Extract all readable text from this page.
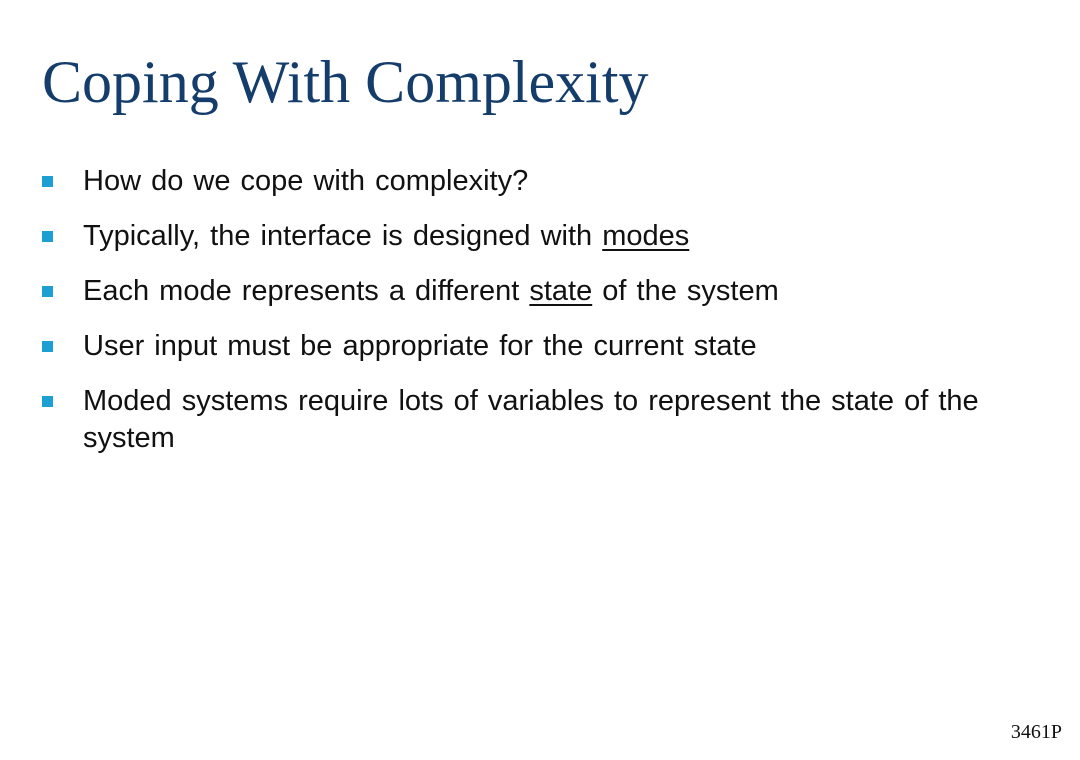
Coping With Complexity
How do we cope with complexity?
Typically, the interface is designed with modes
Each mode represents a different state of the system
User input must be appropriate for the current state
Moded systems require lots of variables to represent the state of the system
3461P
